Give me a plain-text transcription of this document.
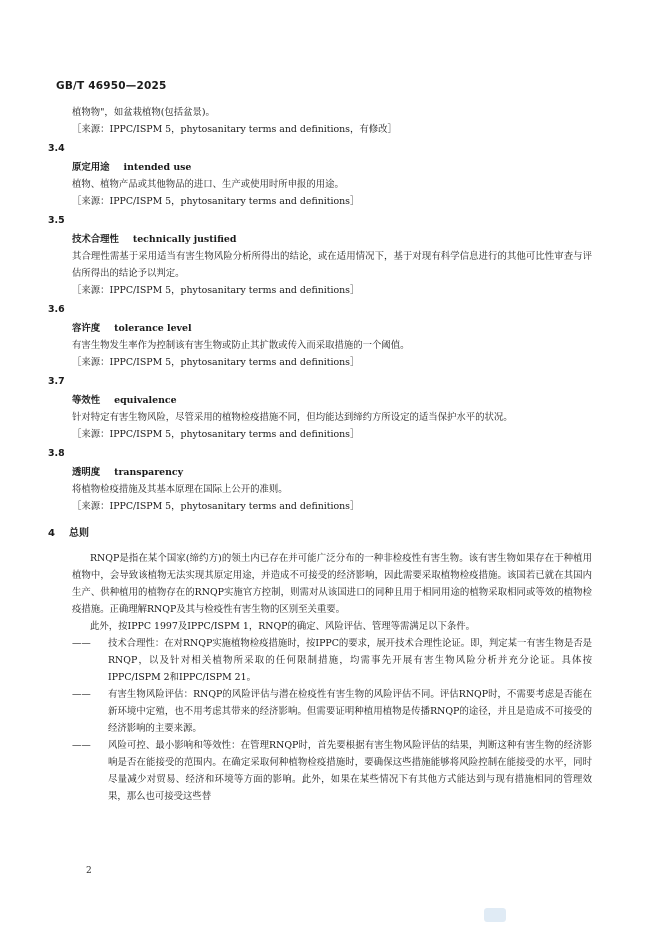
GB/T 46950—2025
植物物"，如盆栽植物(包括盆景)。
［来源：IPPC/ISPM 5，phytosanitary terms and definitions，有修改］
3.4
原定用途 intended use
植物、植物产品或其他物品的进口、生产或使用时所申报的用途。
［来源：IPPC/ISPM 5，phytosanitary terms and definitions］
3.5
技术合理性 technically justified
其合理性需基于采用适当有害生物风险分析所得出的结论，或在适用情况下，基于对现有科学信息进行的其他可比性审查与评估所得出的结论予以判定。
［来源：IPPC/ISPM 5，phytosanitary terms and definitions］
3.6
容许度 tolerance level
有害生物发生率作为控制该有害生物或防止其扩散或传入而采取措施的一个阈值。
［来源：IPPC/ISPM 5，phytosanitary terms and definitions］
3.7
等效性 equivalence
针对特定有害生物风险，尽管采用的植物检疫措施不同，但均能达到缔约方所设定的适当保护水平的状况。
［来源：IPPC/ISPM 5，phytosanitary terms and definitions］
3.8
透明度 transparency
将植物检疫措施及其基本原理在国际上公开的准则。
［来源：IPPC/ISPM 5，phytosanitary terms and definitions］
4 总则
RNQP是指在某个国家(缔约方)的领土内已存在并可能广泛分布的一种非检疫性有害生物。该有害生物如果存在于种植用植物中，会导致该植物无法实现其原定用途，并造成不可接受的经济影响，因此需要采取植物检疫措施。该国若已就在其国内生产、供种植用的植物存在的RNQP实施官方控制，则需对从该国进口的同种且用于相同用途的植物采取相同或等效的植物检疫措施。正确理解RNQP及其与检疫性有害生物的区别至关重要。
此外，按IPPC 1997及IPPC/ISPM 1，RNQP的确定、风险评估、管理等需满足以下条件。
—— 技术合理性：在对RNQP实施植物检疫措施时，按IPPC的要求，展开技术合理性论证。即，判定某一有害生物是否是RNQP，以及针对相关植物所采取的任何限制措施，均需事先开展有害生物风险分析并充分论证。具体按IPPC/ISPM 2和IPPC/ISPM 21。
—— 有害生物风险评估：RNQP的风险评估与潜在检疫性有害生物的风险评估不同。评估RNQP时，不需要考虑是否能在新环境中定殖，也不用考虑其带来的经济影响。但需要证明种植用植物是传播RNQP的途径，并且是造成不可接受的经济影响的主要来源。
—— 风险可控、最小影响和等效性：在管理RNQP时，首先要根据有害生物风险评估的结果，判断这种有害生物的经济影响是否在能接受的范围内。在确定采取何种植物检疫措施时，要确保这些措施能够将风险控制在能接受的水平，同时尽量减少对贸易、经济和环境等方面的影响。此外，如果在某些情况下有其他方式能达到与现有措施相同的管理效果，那么也可接受这些替
2
